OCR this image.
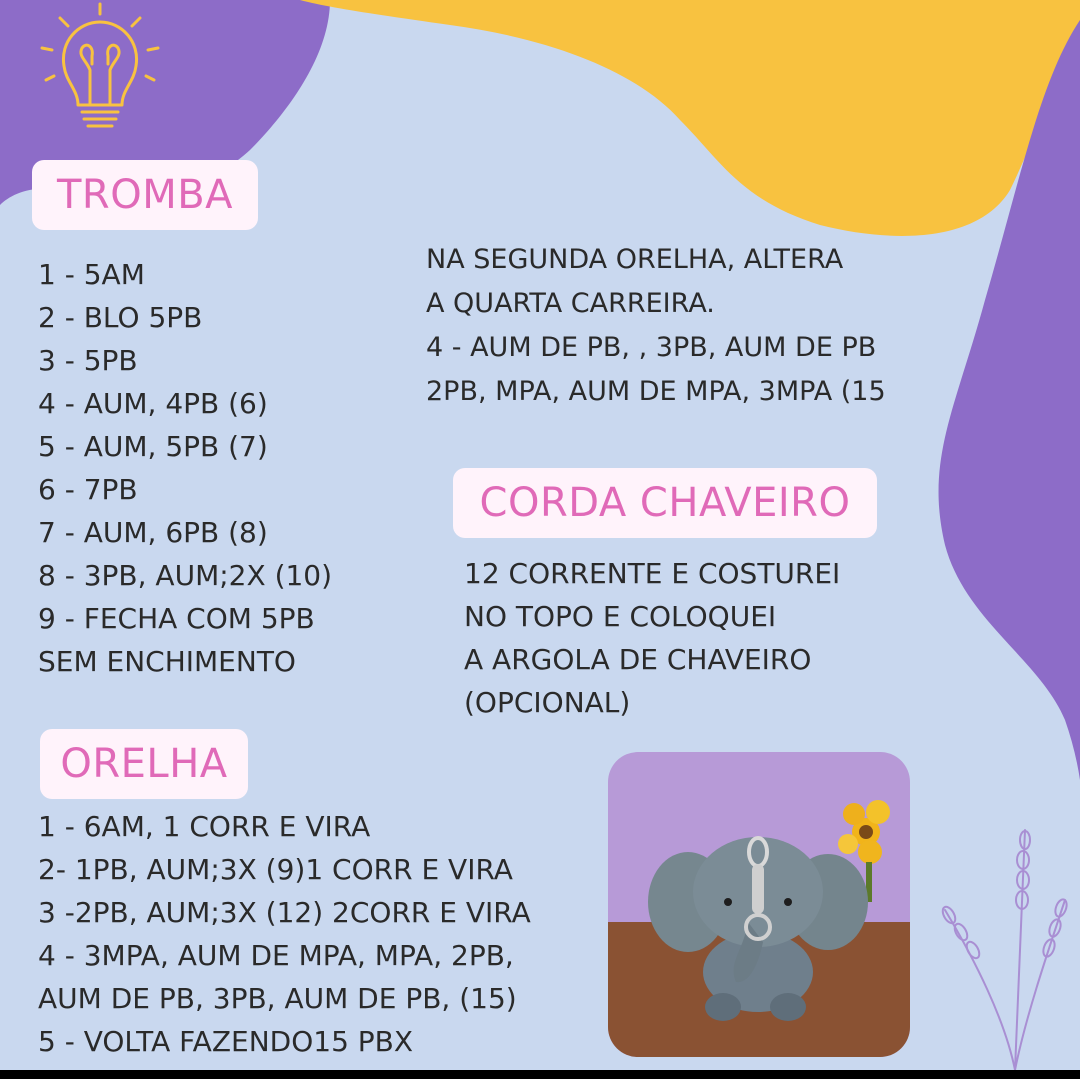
TROMBA
1 - 5AM
2 - BLO 5PB
3 - 5PB
4 - AUM, 4PB (6)
5 - AUM, 5PB (7)
6 - 7PB
7 - AUM, 6PB (8)
8 - 3PB, AUM;2X (10)
9 - FECHA COM 5PB
SEM ENCHIMENTO
NA SEGUNDA ORELHA, ALTERA
A QUARTA CARREIRA.
4 - AUM DE PB, , 3PB, AUM DE PB
2PB, MPA, AUM DE MPA, 3MPA (15
CORDA CHAVEIRO
12 CORRENTE E COSTUREI
NO TOPO E COLOQUEI
A ARGOLA DE CHAVEIRO
(OPCIONAL)
ORELHA
1 - 6AM, 1 CORR E VIRA
2- 1PB, AUM;3X (9)1 CORR E VIRA
3 -2PB, AUM;3X (12) 2CORR E VIRA
4 - 3MPA, AUM DE MPA, MPA, 2PB,
AUM DE PB, 3PB, AUM DE PB, (15)
5 - VOLTA FAZENDO15 PBX
